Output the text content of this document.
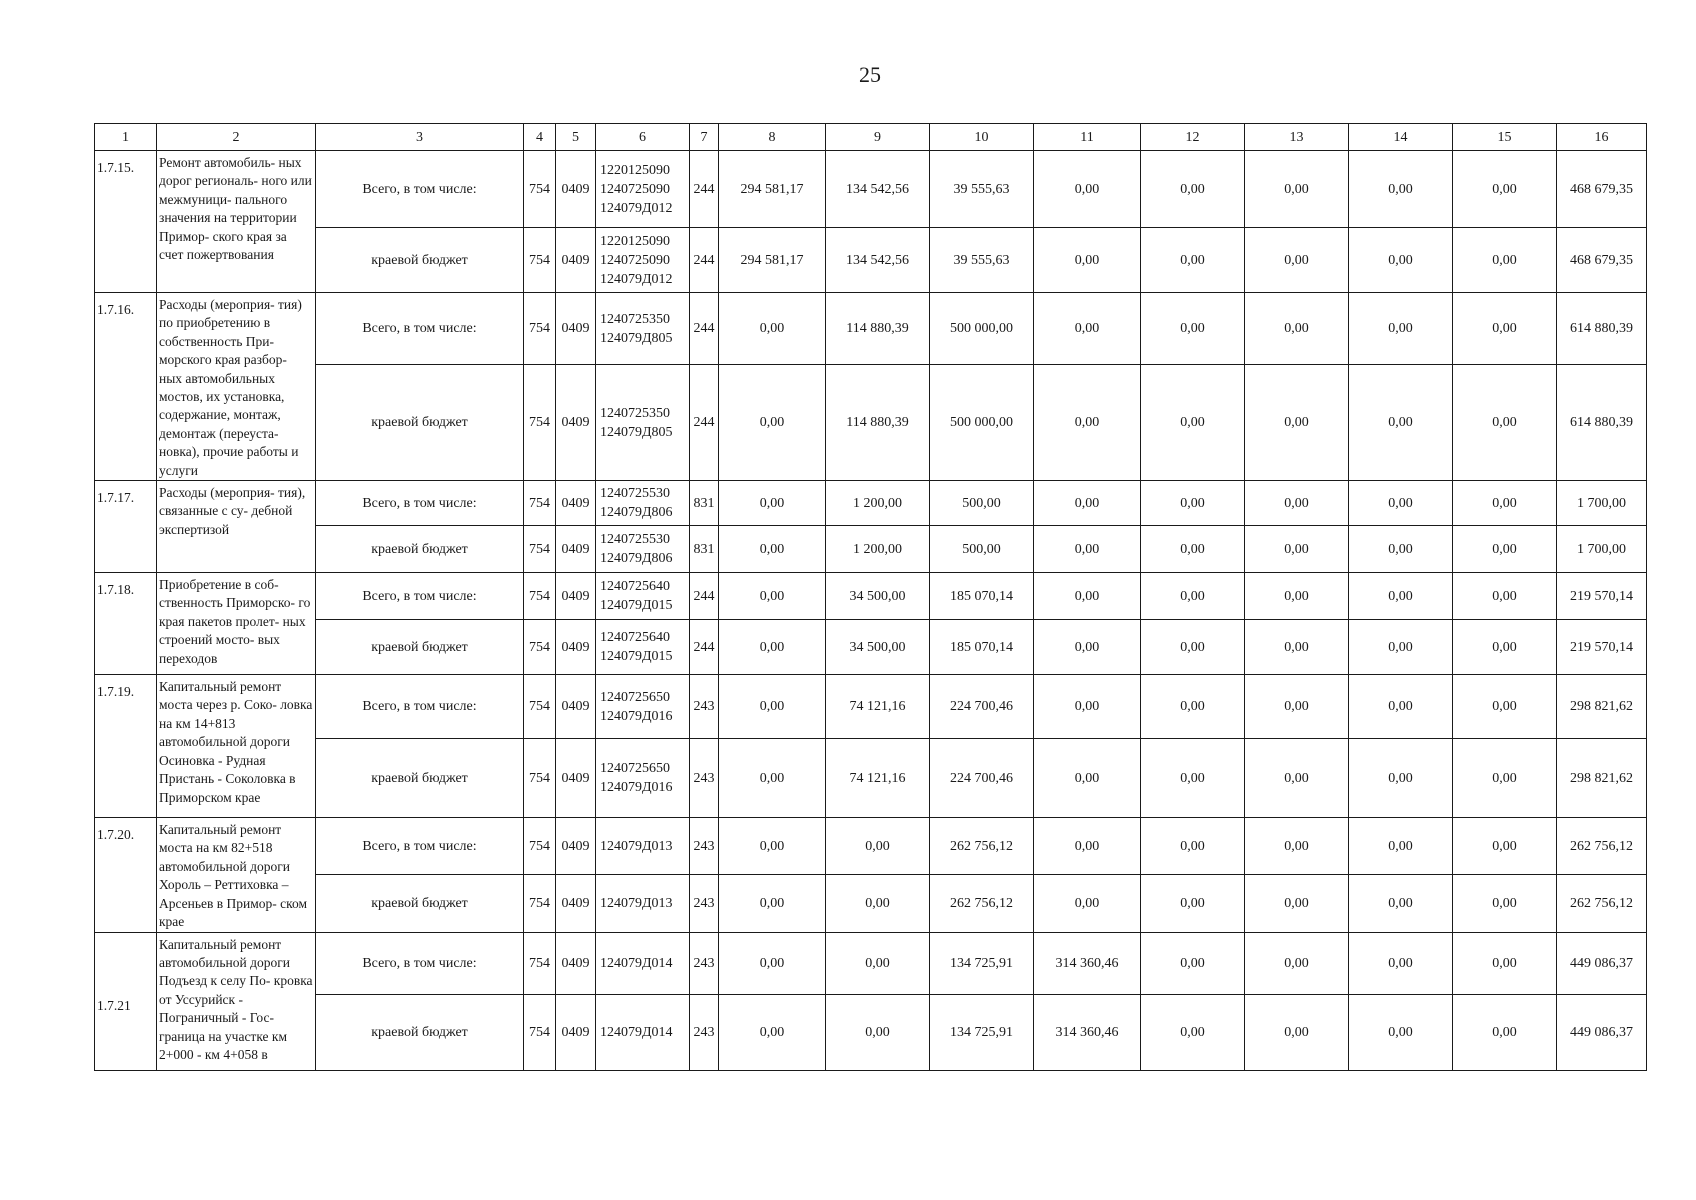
25
1	2	3	4	5	6	7	8	9	10	11	12	13	14	15	16
1.7.15.	Ремонт автомобиль- ных дорог региональ- ного или межмуници- пального значения на территории Примор- ского края за счет пожертвования	Всего, в том числе:	754	0409	1220125090 1240725090 124079Д012	244	294 581,17	134 542,56	39 555,63	0,00	0,00	0,00	0,00	0,00	468 679,35
		краевой бюджет	754	0409	1220125090 1240725090 124079Д012	244	294 581,17	134 542,56	39 555,63	0,00	0,00	0,00	0,00	0,00	468 679,35
1.7.16.	Расходы (мероприя- тия) по приобретению в собственность При- морского края разбор- ных автомобильных мостов, их установка, содержание, монтаж, демонтаж (переуста- новка), прочие работы и услуги	Всего, в том числе:	754	0409	1240725350 124079Д805	244	0,00	114 880,39	500 000,00	0,00	0,00	0,00	0,00	0,00	614 880,39
		краевой бюджет	754	0409	1240725350 124079Д805	244	0,00	114 880,39	500 000,00	0,00	0,00	0,00	0,00	0,00	614 880,39
1.7.17.	Расходы (мероприя- тия), связанные с су- дебной экспертизой	Всего, в том числе:	754	0409	1240725530 124079Д806	831	0,00	1 200,00	500,00	0,00	0,00	0,00	0,00	0,00	1 700,00
		краевой бюджет	754	0409	1240725530 124079Д806	831	0,00	1 200,00	500,00	0,00	0,00	0,00	0,00	0,00	1 700,00
1.7.18.	Приобретение в соб- ственность Приморско- го края пакетов пролет- ных строений мосто- вых переходов	Всего, в том числе:	754	0409	1240725640 124079Д015	244	0,00	34 500,00	185 070,14	0,00	0,00	0,00	0,00	0,00	219 570,14
		краевой бюджет	754	0409	1240725640 124079Д015	244	0,00	34 500,00	185 070,14	0,00	0,00	0,00	0,00	0,00	219 570,14
1.7.19.	Капитальный ремонт моста через р. Соко- ловка на км 14+813 автомобильной дороги Осиновка - Рудная Пристань - Соколовка в Приморском крае	Всего, в том числе:	754	0409	1240725650 124079Д016	243	0,00	74 121,16	224 700,46	0,00	0,00	0,00	0,00	0,00	298 821,62
		краевой бюджет	754	0409	1240725650 124079Д016	243	0,00	74 121,16	224 700,46	0,00	0,00	0,00	0,00	0,00	298 821,62
1.7.20.	Капитальный ремонт моста на км 82+518 автомобильной дороги Хороль – Реттиховка – Арсеньев в Примор- ском крае	Всего, в том числе:	754	0409	124079Д013	243	0,00	0,00	262 756,12	0,00	0,00	0,00	0,00	0,00	262 756,12
		краевой бюджет	754	0409	124079Д013	243	0,00	0,00	262 756,12	0,00	0,00	0,00	0,00	0,00	262 756,12
1.7.21	Капитальный ремонт автомобильной дороги Подъезд к селу По- кровка от Уссурийск - Пограничный - Гос- граница на участке км 2+000 - км 4+058 в	Всего, в том числе:	754	0409	124079Д014	243	0,00	0,00	134 725,91	314 360,46	0,00	0,00	0,00	0,00	449 086,37
		краевой бюджет	754	0409	124079Д014	243	0,00	0,00	134 725,91	314 360,46	0,00	0,00	0,00	0,00	449 086,37
